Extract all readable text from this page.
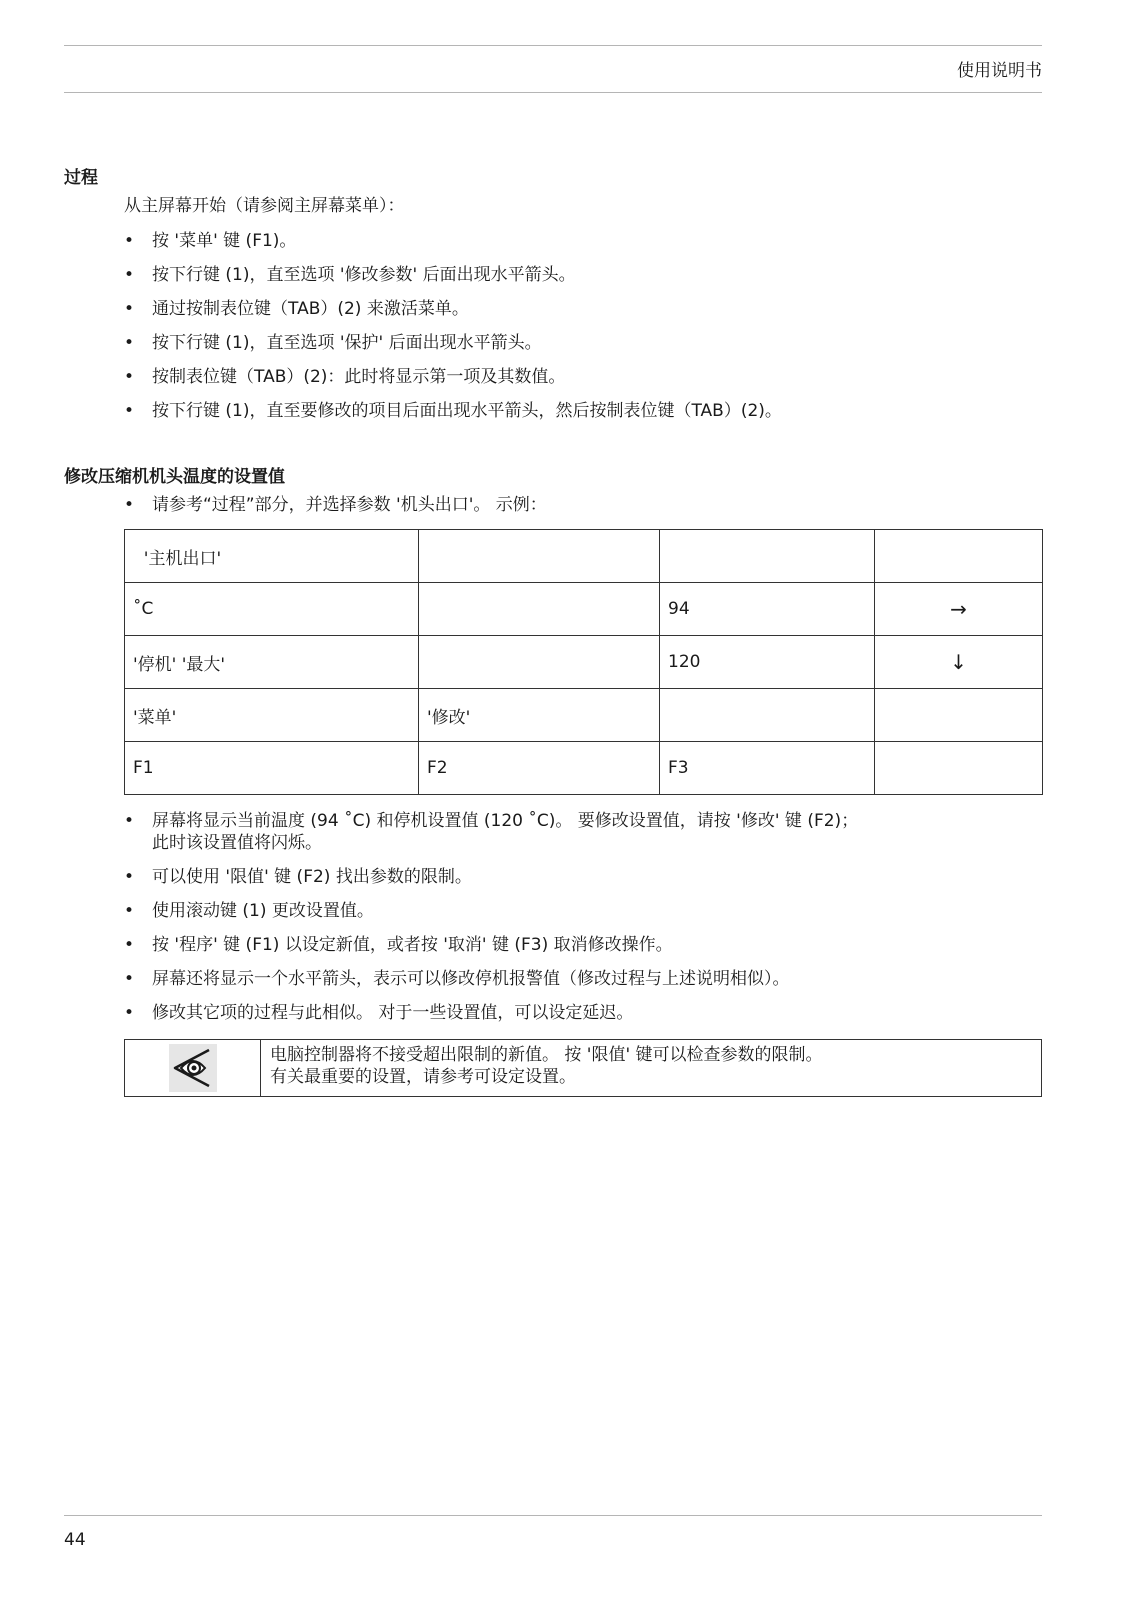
使用说明书
过程

从主屏幕开始（请参阅主屏幕菜单）：

• 按 '菜单' 键 (F1)。
• 按下行键 (1)，直至选项 '修改参数' 后面出现水平箭头。
• 通过按制表位键（TAB）(2) 来激活菜单。
• 按下行键 (1)，直至选项 '保护' 后面出现水平箭头。
• 按制表位键（TAB）(2)：此时将显示第一项及其数值。
• 按下行键 (1)，直至要修改的项目后面出现水平箭头，然后按制表位键（TAB）(2)。
修改压缩机机头温度的设置值
• 请参考“过程”部分，并选择参数 '机头出口'。 示例：
'主机出口'			
˚C		94	→
'停机' '最大'		120	↓
'菜单'	'修改'		
F1	F2	F3	
• 屏幕将显示当前温度 (94 ˚C) 和停机设置值 (120 ˚C)。 要修改设置值，请按 '修改' 键 (F2)；此时该设置值将闪烁。
• 可以使用 '限值' 键 (F2) 找出参数的限制。
• 使用滚动键 (1) 更改设置值。
• 按 '程序' 键 (F1) 以设定新值，或者按 '取消' 键 (F3) 取消修改操作。
• 屏幕还将显示一个水平箭头，表示可以修改停机报警值（修改过程与上述说明相似）。
• 修改其它项的过程与此相似。 对于一些设置值，可以设定延迟。
电脑控制器将不接受超出限制的新值。 按 '限值' 键可以检查参数的限制。
有关最重要的设置，请参考可设定设置。
44
